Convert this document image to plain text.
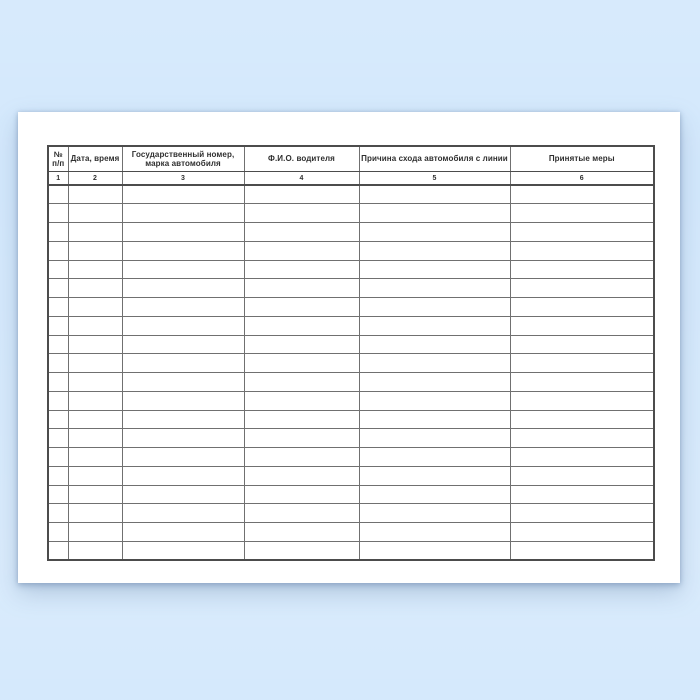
№ п/п	Дата, время	Государственный номер, марка автомобиля	Ф.И.О. водителя	Причина схода автомобиля с линии	Принятые меры
1	2	3	4	5	6
